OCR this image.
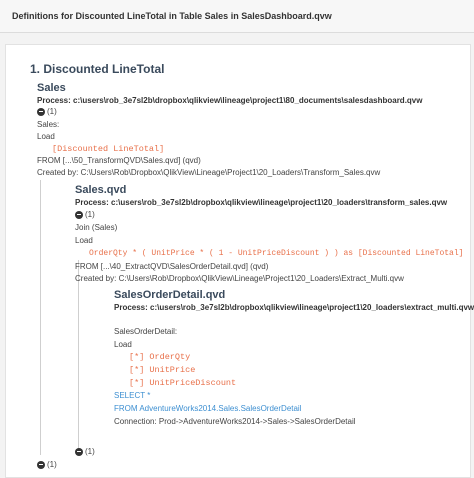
Definitions for Discounted LineTotal in Table Sales in SalesDashboard.qvw
1. Discounted LineTotal
Sales
Process: c:\users\rob_3e7sl2b\dropbox\qlikview\lineage\project1\80_documents\salesdashboard.qvw
(1)
Sales:
Load
[Discounted LineTotal]
FROM [...\50_TransformQVD\Sales.qvd] (qvd)
Created by: C:\Users\Rob\Dropbox\QlikView\Lineage\Project1\20_Loaders\Transform_Sales.qvw
Sales.qvd
Process: c:\users\rob_3e7sl2b\dropbox\qlikview\lineage\project1\20_loaders\transform_sales.qvw
(1)
Join (Sales)
Load
OrderQty * ( UnitPrice * ( 1 - UnitPriceDiscount ) ) as [Discounted LineTotal]
FROM [...\40_ExtractQVD\SalesOrderDetail.qvd] (qvd)
Created by: C:\Users\Rob\Dropbox\QlikView\Lineage\Project1\20_Loaders\Extract_Multi.qvw
SalesOrderDetail.qvd
Process: c:\users\rob_3e7sl2b\dropbox\qlikview\lineage\project1\20_loaders\extract_multi.qvw
SalesOrderDetail:
Load
[*] OrderQty
[*] UnitPrice
[*] UnitPriceDiscount
SELECT *
FROM AdventureWorks2014.Sales.SalesOrderDetail
Connection: Prod->AdventureWorks2014->Sales->SalesOrderDetail
(1)
(1)
